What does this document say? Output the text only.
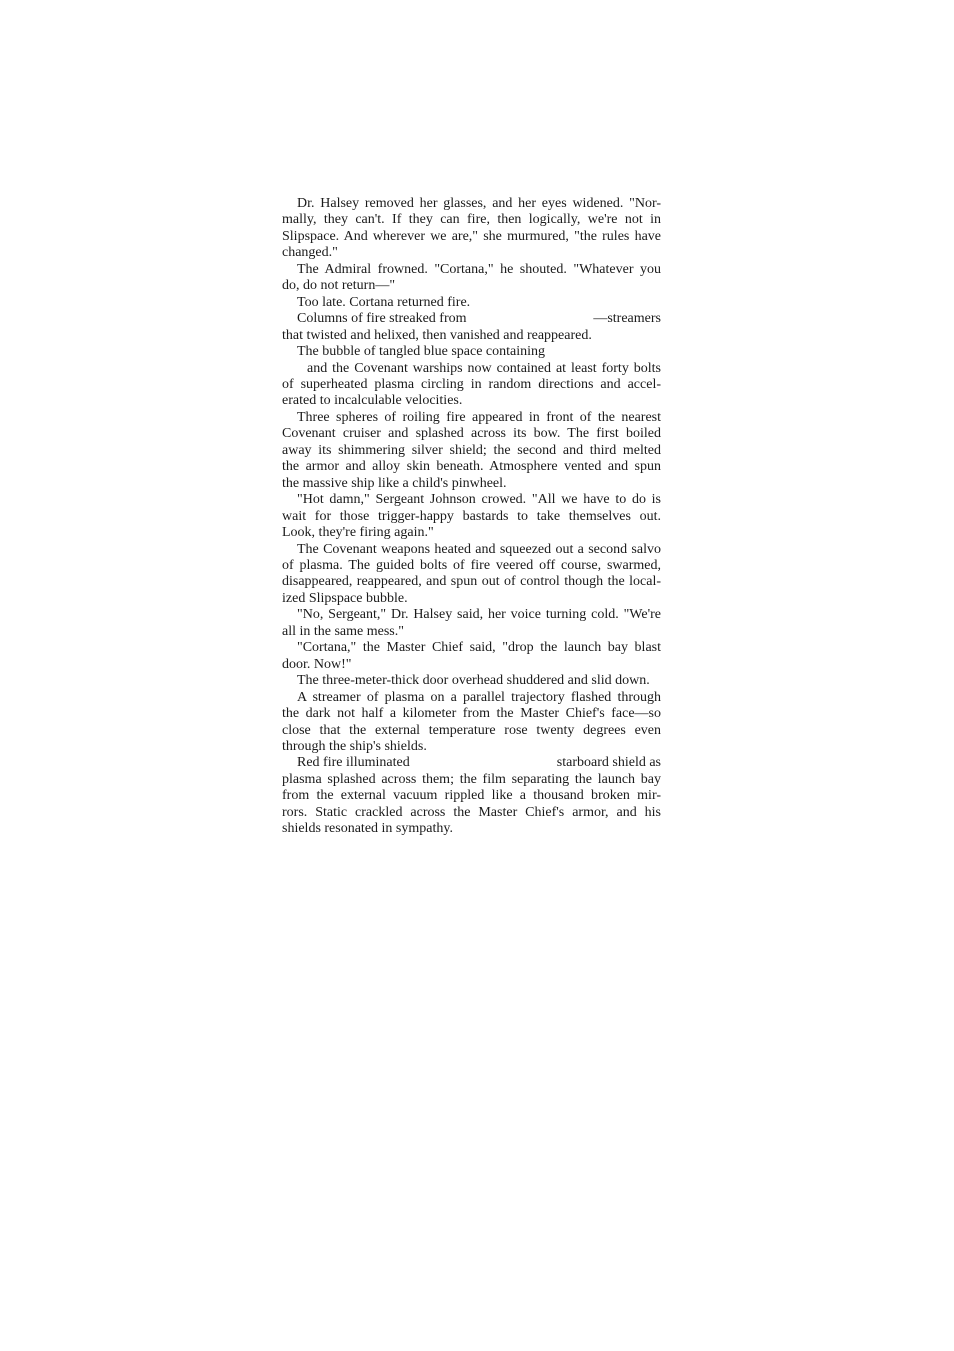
Dr. Halsey removed her glasses, and her eyes widened. "Nor-
mally, they can't. If they can fire, then logically, we're not in
Slipspace. And wherever we are," she murmured, "the rules have
changed."
The Admiral frowned. "Cortana," he shouted. "Whatever you
do, do not return—"
Too late. Cortana returned fire.
Columns of fire streaked from	—streamers
that twisted and helixed, then vanished and reappeared.
The bubble of tangled blue space containing
and the Covenant warships now contained at least forty bolts
of superheated plasma circling in random directions and accel-
erated to incalculable velocities.
Three spheres of roiling fire appeared in front of the nearest
Covenant cruiser and splashed across its bow. The first boiled
away its shimmering silver shield; the second and third melted
the armor and alloy skin beneath. Atmosphere vented and spun
the massive ship like a child's pinwheel.
"Hot damn," Sergeant Johnson crowed. "All we have to do is
wait for those trigger-happy bastards to take themselves out.
Look, they're firing again."
The Covenant weapons heated and squeezed out a second salvo
of plasma. The guided bolts of fire veered off course, swarmed,
disappeared, reappeared, and spun out of control though the local-
ized Slipspace bubble.
"No, Sergeant," Dr. Halsey said, her voice turning cold. "We're
all in the same mess."
"Cortana," the Master Chief said, "drop the launch bay blast
door. Now!"
The three-meter-thick door overhead shuddered and slid down.
A streamer of plasma on a parallel trajectory flashed through
the dark not half a kilometer from the Master Chief's face—so
close that the external temperature rose twenty degrees even
through the ship's shields.
Red fire illuminated	starboard shield as
plasma splashed across them; the film separating the launch bay
from the external vacuum rippled like a thousand broken mir-
rors. Static crackled across the Master Chief's armor, and his
shields resonated in sympathy.
